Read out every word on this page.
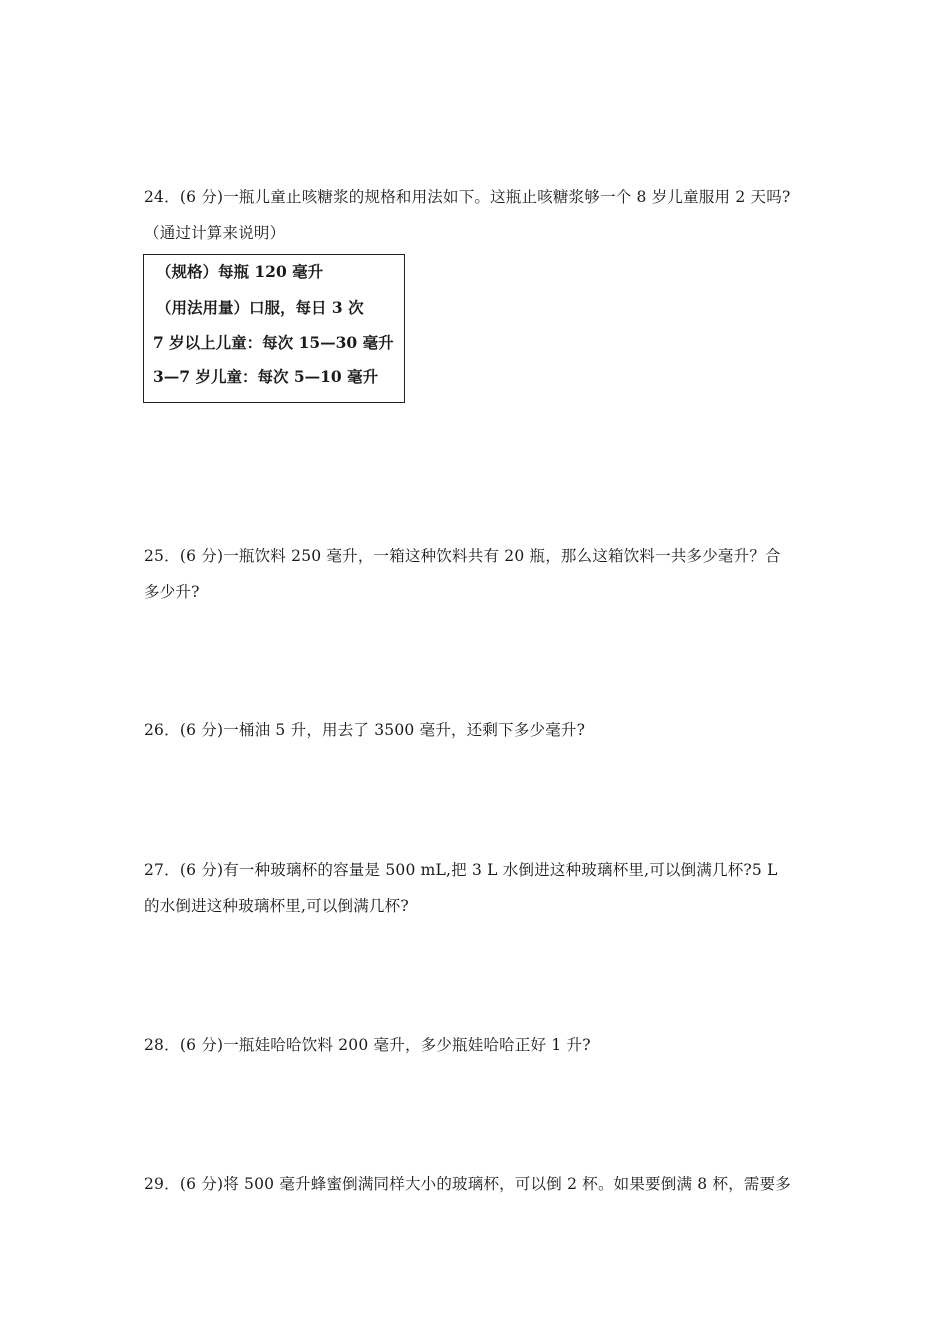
24．(6 分)一瓶儿童止咳糖浆的规格和用法如下。这瓶止咳糖浆够一个 8 岁儿童服用 2 天吗?
（通过计算来说明）
（规格）每瓶 120 毫升
（用法用量）口服，每日 3 次
7 岁以上儿童：每次 15—30 毫升
3—7 岁儿童：每次 5—10 毫升
25．(6 分)一瓶饮料 250 毫升，一箱这种饮料共有 20 瓶，那么这箱饮料一共多少毫升？合
多少升?
26．(6 分)一桶油 5 升，用去了 3500 毫升，还剩下多少毫升?
27．(6 分)有一种玻璃杯的容量是 500 mL,把 3 L 水倒进这种玻璃杯里,可以倒满几杯?5 L
的水倒进这种玻璃杯里,可以倒满几杯?
28．(6 分)一瓶娃哈哈饮料 200 毫升，多少瓶娃哈哈正好 1 升?
29．(6 分)将 500 毫升蜂蜜倒满同样大小的玻璃杯，可以倒 2 杯。如果要倒满 8 杯，需要多
